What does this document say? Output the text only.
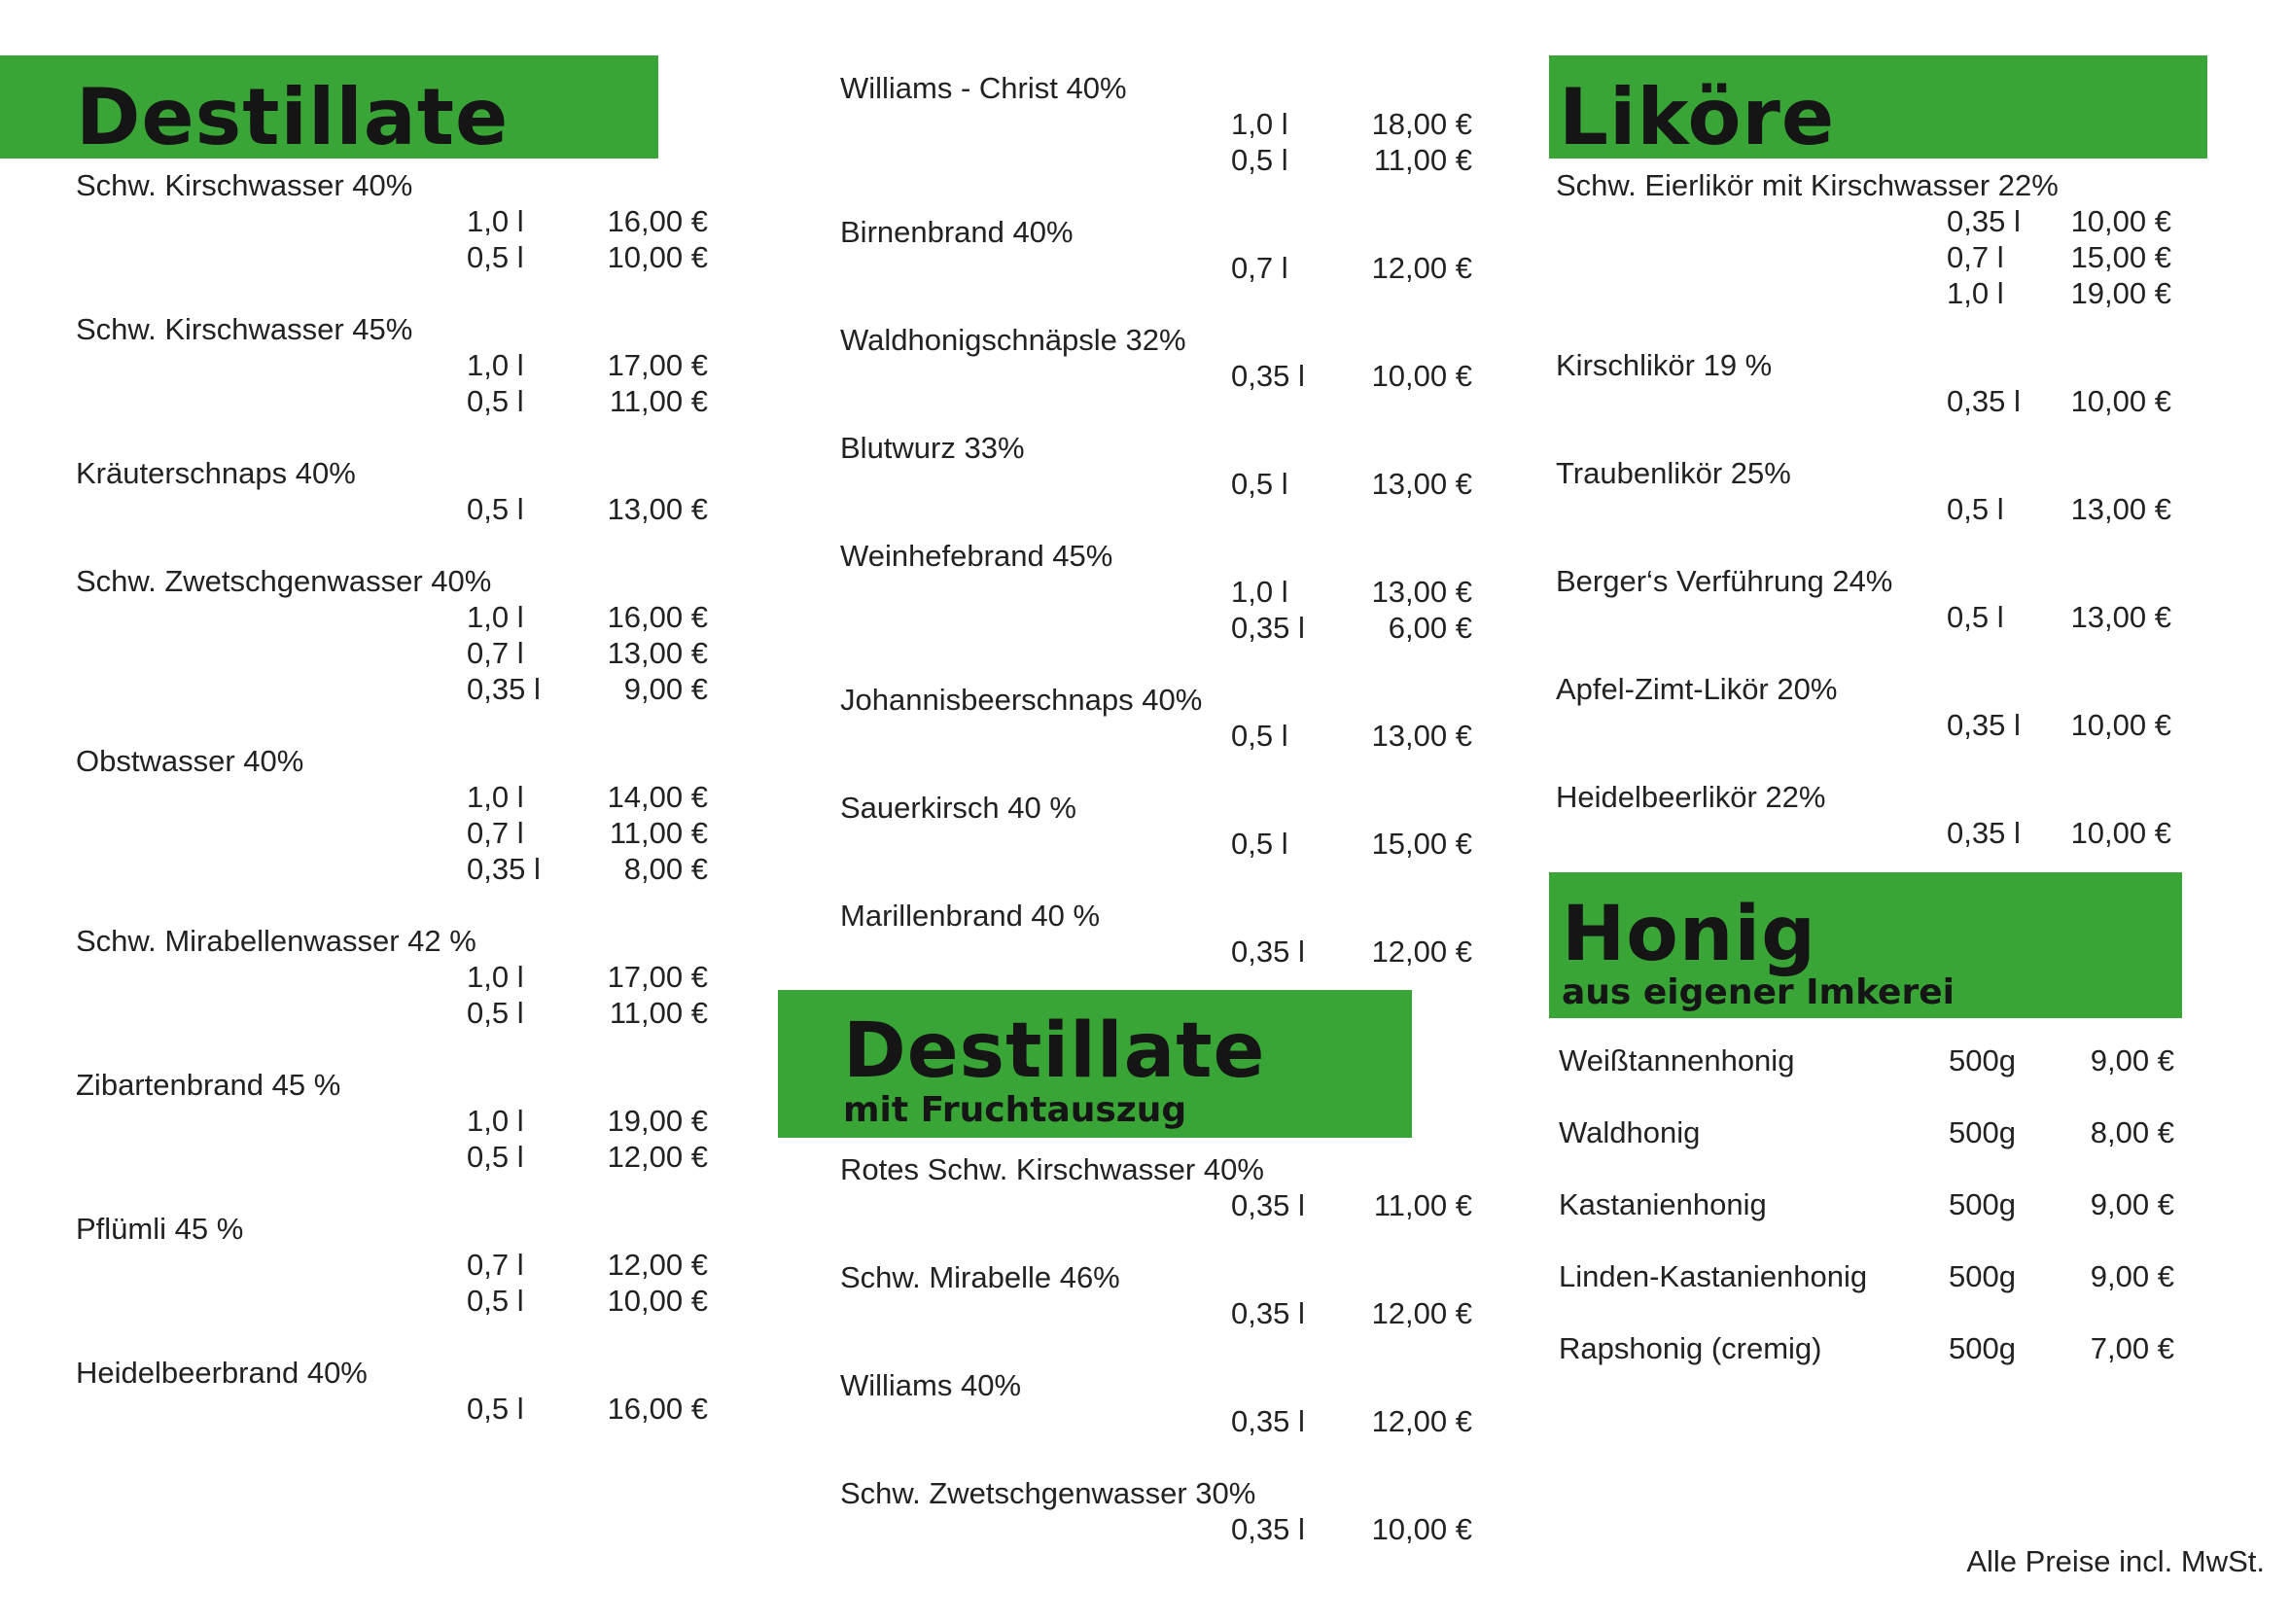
Destillate
Destillate
mit Fruchtauszug
Liköre
Honig
aus eigener Imkerei
Schw. Kirschwasser 40%
1,0 l	16,00 €
0,5 l	10,00 €
Schw. Kirschwasser 45%
1,0 l	17,00 €
0,5 l	11,00 €
Kräuterschnaps 40%
0,5 l	13,00 €
Schw. Zwetschgenwasser 40%
1,0 l	16,00 €
0,7 l	13,00 €
0,35 l	9,00 €
Obstwasser 40%
1,0 l	14,00 €
0,7 l	11,00 €
0,35 l	8,00 €
Schw. Mirabellenwasser 42 %
1,0 l	17,00 €
0,5 l	11,00 €
Zibartenbrand 45 %
1,0 l	19,00 €
0,5 l	12,00 €
Pflümli 45 %
0,7 l	12,00 €
0,5 l	10,00 €
Heidelbeerbrand 40%
0,5 l	16,00 €
Williams - Christ 40%
1,0 l	18,00 €
0,5 l	11,00 €
Birnenbrand 40%
0,7 l	12,00 €
Waldhonigschnäpsle 32%
0,35 l 10,00 €
Blutwurz 33%
0,5 l	13,00 €
Weinhefebrand 45%
1,0 l	13,00 €
0,35 l	6,00 €
Johannisbeerschnaps 40%
0,5 l	13,00 €
Sauerkirsch 40 %
0,5 l	15,00 €
Marillenbrand 40 %
0,35 l 12,00 €
Rotes Schw. Kirschwasser 40%
0,35 l 11,00 €
Schw. Mirabelle 46%
0,35 l 12,00 €
Williams 40%
0,35 l 12,00 €
Schw. Zwetschgenwasser 30%
0,35 l 10,00 €
Schw. Eierlikör mit Kirschwasser 22%
0,35 l 10,00 €
0,7 l 15,00 €
1,0 l 19,00 €
Kirschlikör 19 %
0,35 l 10,00 €
Traubenlikör 25%
0,5 l 13,00 €
Berger‘s Verführung 24%
0,5 l 13,00 €
Apfel-Zimt-Likör 20%
0,35 l 10,00 €
Heidelbeerlikör 22%
0,35 l 10,00 €
Weißtannenhonig	500g 9,00 €
Waldhonig	500g 8,00 €
Kastanienhonig	500g 9,00 €
Linden-Kastanienhonig	500g 9,00 €
Rapshonig (cremig)	500g 7,00 €
Alle Preise incl. MwSt.
